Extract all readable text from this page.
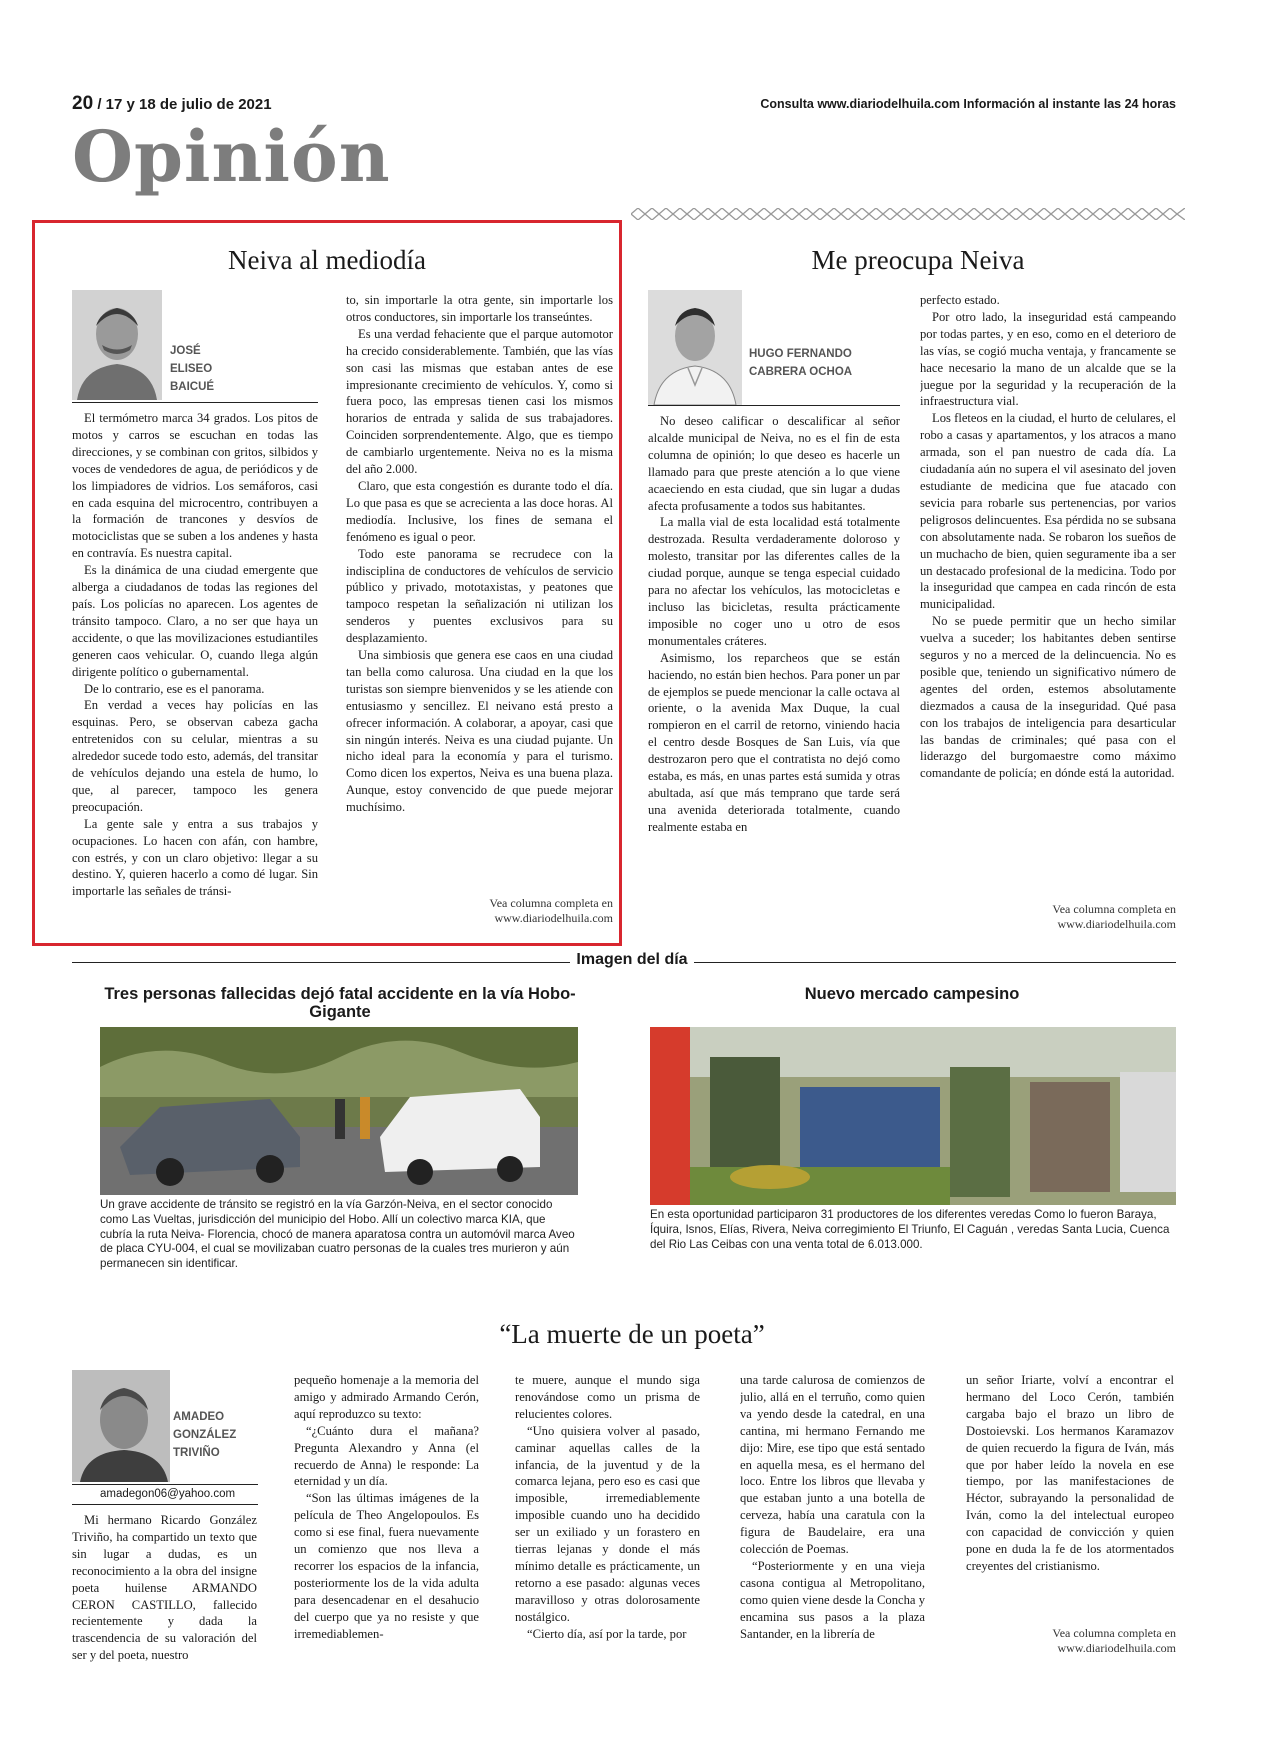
20 / 17 y 18 de julio de 2021	Consulta www.diariodelhuila.com Información al instante las 24 horas
Opinión
Neiva al mediodía
JOSÉ
ELISEO
BAICUÉ

El termómetro marca 34 grados. Los pitos de motos y carros se escuchan en todas las direcciones, y se combinan con gritos, silbidos y voces de vendedores de agua, de periódicos y de los limpiadores de vidrios. Los semáforos, casi en cada esquina del microcentro, contribuyen a la formación de trancones y desvíos de motociclistas que se suben a los andenes y hasta en contravía. Es nuestra capital.

Es la dinámica de una ciudad emergente que alberga a ciudadanos de todas las regiones del país. Los policías no aparecen. Los agentes de tránsito tampoco. Claro, a no ser que haya un accidente, o que las movilizaciones estudiantiles generen caos vehicular. O, cuando llega algún dirigente político o gubernamental.

De lo contrario, ese es el panorama.

En verdad a veces hay policías en las esquinas. Pero, se observan cabeza gacha entretenidos con su celular, mientras a su alrededor sucede todo esto, además, del transitar de vehículos dejando una estela de humo, lo que, al parecer, tampoco les genera preocupación.

La gente sale y entra a sus trabajos y ocupaciones. Lo hacen con afán, con hambre, con estrés, y con un claro objetivo: llegar a su destino. Y, quieren hacerlo a como dé lugar. Sin importarle las señales de tránsi-

to, sin importarle la otra gente, sin importarle los otros conductores, sin importarle los transeúntes.

Es una verdad fehaciente que el parque automotor ha crecido considerablemente. También, que las vías son casi las mismas que estaban antes de ese impresionante crecimiento de vehículos. Y, como si fuera poco, las empresas tienen casi los mismos horarios de entrada y salida de sus trabajadores. Coinciden sorprendentemente. Algo, que es tiempo de cambiarlo urgentemente. Neiva no es la misma del año 2.000.

Claro, que esta congestión es durante todo el día. Lo que pasa es que se acrecienta a las doce horas. Al mediodía. Inclusive, los fines de semana el fenómeno es igual o peor.

Todo este panorama se recrudece con la indisciplina de conductores de vehículos de servicio público y privado, mototaxistas, y peatones que tampoco respetan la señalización ni utilizan los senderos y puentes exclusivos para su desplazamiento.

Una simbiosis que genera ese caos en una ciudad tan bella como calurosa. Una ciudad en la que los turistas son siempre bienvenidos y se les atiende con entusiasmo y sencillez. El neivano está presto a ofrecer información. A colaborar, a apoyar, casi que sin ningún interés. Neiva es una ciudad pujante. Un nicho ideal para la economía y para el turismo. Como dicen los expertos, Neiva es una buena plaza. Aunque, estoy convencido de que puede mejorar muchísimo.

Vea columna completa en
www.diariodelhuila.com
Me preocupa Neiva
HUGO FERNANDO
CABRERA OCHOA

No deseo calificar o descalificar al señor alcalde municipal de Neiva, no es el fin de esta columna de opinión; lo que deseo es hacerle un llamado para que preste atención a lo que viene acaeciendo en esta ciudad, que sin lugar a dudas afecta profusamente a todos sus habitantes.

La malla vial de esta localidad está totalmente destrozada. Resulta verdaderamente doloroso y molesto, transitar por las diferentes calles de la ciudad porque, aunque se tenga especial cuidado para no afectar los vehículos, las motocicletas e incluso las bicicletas, resulta prácticamente imposible no coger uno u otro de esos monumentales cráteres.

Asimismo, los reparcheos que se están haciendo, no están bien hechos. Para poner un par de ejemplos se puede mencionar la calle octava al oriente, o la avenida Max Duque, la cual rompieron en el carril de retorno, viniendo hacia el centro desde Bosques de San Luis, vía que destrozaron pero que el contratista no dejó como estaba, es más, en unas partes está sumida y otras abultada, así que más temprano que tarde será una avenida deteriorada totalmente, cuando realmente estaba en

perfecto estado.

Por otro lado, la inseguridad está campeando por todas partes, y en eso, como en el deterioro de las vías, se cogió mucha ventaja, y francamente se hace necesario la mano de un alcalde que se la juegue por la seguridad y la recuperación de la infraestructura vial.

Los fleteos en la ciudad, el hurto de celulares, el robo a casas y apartamentos, y los atracos a mano armada, son el pan nuestro de cada día. La ciudadanía aún no supera el vil asesinato del joven estudiante de medicina que fue atacado con sevicia para robarle sus pertenencias, por varios peligrosos delincuentes. Esa pérdida no se subsana con absolutamente nada. Se robaron los sueños de un muchacho de bien, quien seguramente iba a ser un destacado profesional de la medicina. Todo por la inseguridad que campea en cada rincón de esta municipalidad.

No se puede permitir que un hecho similar vuelva a suceder; los habitantes deben sentirse seguros y no a merced de la delincuencia. No es posible que, teniendo un significativo número de agentes del orden, estemos absolutamente diezmados a causa de la inseguridad. Qué pasa con los trabajos de inteligencia para desarticular las bandas de criminales; qué pasa con el liderazgo del burgomaestre como máximo comandante de policía; en dónde está la autoridad.

Vea columna completa en
www.diariodelhuila.com
Imagen del día
Tres personas fallecidas dejó fatal accidente en la vía Hobo- Gigante
Un grave accidente de tránsito se registró en la vía Garzón-Neiva, en el sector conocido como Las Vueltas, jurisdicción del municipio del Hobo. Allí un colectivo marca KIA, que cubría la ruta Neiva- Florencia, chocó de manera aparatosa contra un automóvil marca Aveo de placa CYU-004, el cual se movilizaban cuatro personas de la cuales tres murieron y aún permanecen sin identificar.
Nuevo mercado campesino
En esta oportunidad participaron 31 productores de los diferentes veredas Como lo fueron Baraya, Íquira, Isnos, Elías, Rivera, Neiva corregimiento El Triunfo, El Caguán , veredas Santa Lucia, Cuenca del Rio Las Ceibas con una venta total de 6.013.000.
“La muerte de un poeta”
AMADEO
GONZÁLEZ
TRIVIÑO
amadegon06@yahoo.com

Mi hermano Ricardo González Triviño, ha compartido un texto que sin lugar a dudas, es un reconocimiento a la obra del insigne poeta huilense ARMANDO CERON CASTILLO, fallecido recientemente y dada la trascendencia de su valoración del ser y del poeta, nuestro

pequeño homenaje a la memoria del amigo y admirado Armando Cerón, aquí reproduzco su texto:

“¿Cuánto dura el mañana? Pregunta Alexandro y Anna (el recuerdo de Anna) le responde: La eternidad y un día.

“Son las últimas imágenes de la película de Theo Angelopoulos. Es como si ese final, fuera nuevamente un comienzo que nos lleva a recorrer los espacios de la infancia, posteriormente los de la vida adulta para desencadenar en el desahucio del cuerpo que ya no resiste y que irremediablemen-

te muere, aunque el mundo siga renovándose como un prisma de relucientes colores.

“Uno quisiera volver al pasado, caminar aquellas calles de la infancia, de la juventud y de la comarca lejana, pero eso es casi que imposible, irremediablemente imposible cuando uno ha decidido ser un exiliado y un forastero en tierras lejanas y donde el más mínimo detalle es prácticamente, un retorno a ese pasado: algunas veces maravilloso y otras dolorosamente nostálgico.

“Cierto día, así por la tarde, por

una tarde calurosa de comienzos de julio, allá en el terruño, como quien va yendo desde la catedral, en una cantina, mi hermano Fernando me dijo: Mire, ese tipo que está sentado en aquella mesa, es el hermano del loco. Entre los libros que llevaba y que estaban junto a una botella de cerveza, había una caratula con la figura de Baudelaire, era una colección de Poemas.

“Posteriormente y en una vieja casona contigua al Metropolitano, como quien viene desde la Concha y encamina sus pasos a la plaza Santander, en la librería de

un señor Iriarte, volví a encontrar el hermano del Loco Cerón, también cargaba bajo el brazo un libro de Dostoievski. Los hermanos Karamazov de quien recuerdo la figura de Iván, más que por haber leído la novela en ese tiempo, por las manifestaciones de Héctor, subrayando la personalidad de Iván, como la del intelectual europeo con capacidad de convicción y quien pone en duda la fe de los atormentados creyentes del cristianismo.

Vea columna completa en
www.diariodelhuila.com
